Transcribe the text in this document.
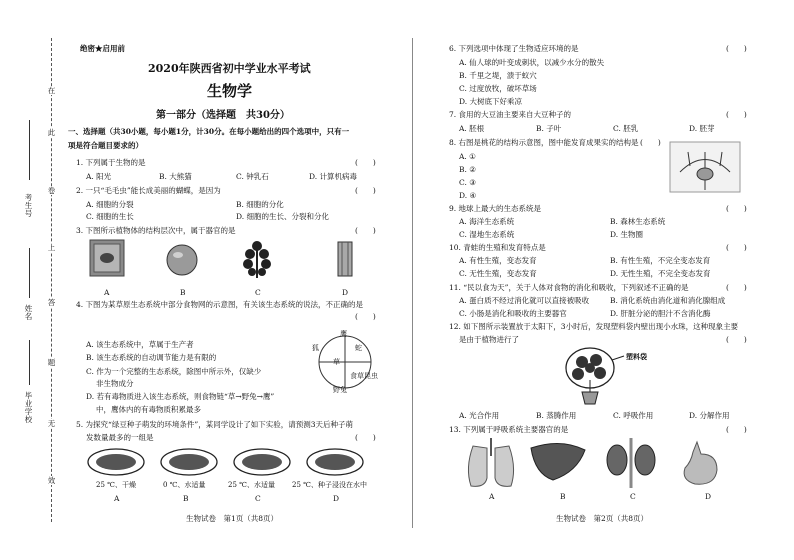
在
此
卷
上
答
题
无
效
考生号
姓名
毕业学校
绝密★启用前
2020年陕西省初中学业水平考试
生物学
第一部分（选择题　共30分）
一、选择题（共30小题，每小题1分，计30分。在每小题给出的四个选项中，只有一
项是符合题目要求的）
1. 下列属于生物的是	(　　)
A. 阳光	B. 大熊猫	C. 钟乳石	D. 计算机病毒
2. 一只“毛毛虫”能长成美丽的蝴蝶，是因为	(　　)
A. 细胞的分裂	B. 细胞的分化
C. 细胞的生长	D. 细胞的生长、分裂和分化
3. 下图所示植物体的结构层次中，属于器官的是	(　　)
A	B	C	D
4. 下图为某草原生态系统中部分食物网的示意图，有关该生态系统的说法，不正确的是
(　　)
A. 该生态系统中，草属于生产者
B. 该生态系统的自动调节能力是有限的
C. 作为一个完整的生态系统，除图中所示外，仅缺少
非生物成分
D. 若有毒物质进入该生态系统，则食物链“草→野兔→鹰”
中，鹰体内的有毒物质积累最多
鹰
蛇
狐
草
野兔
食草昆虫
5. 为探究“绿豆种子萌发的环境条件”，某同学设计了如下实验，请预测3天后种子萌
发数量最多的一组是	(　　)
25 ℃、干燥	0 ℃、水适量	25 ℃、水适量 25 ℃、种子浸没在水中
A	B	C	D
生物试卷　第1页（共8页）
6. 下列选项中体现了生物适应环境的是	(　　)
A. 仙人球的叶变成刺状，以减少水分的散失
B. 千里之堤，溃于蚁穴
C. 过度放牧，破坏草场
D. 大树底下好乘凉
7. 食用的大豆油主要来自大豆种子的	(　　)
A. 胚根	B. 子叶	C. 胚乳	D. 胚芽
8. 右图是桃花的结构示意图，图中能发育成果实的结构是 (　　)
A. ①
B. ②
C. ③
D. ④
9. 地球上最大的生态系统是	(　　)
A. 海洋生态系统	B. 森林生态系统
C. 湿地生态系统	D. 生物圈
10. 青蛙的生殖和发育特点是	(　　)
A. 有性生殖，变态发育	B. 有性生殖，不完全变态发育
C. 无性生殖，变态发育	D. 无性生殖，不完全变态发育
11. “民以食为天”，关于人体对食物的消化和吸收，下列叙述不正确的是	(　　)
A. 蛋白质不经过消化就可以直接被吸收	B. 消化系统由消化道和消化腺组成
C. 小肠是消化和吸收的主要器官	D. 肝脏分泌的胆汁不含消化酶
12. 如下图所示装置放于太阳下，3小时后，发现塑料袋内壁出现小水珠，这种现象主要
是由于植物进行了	(　　)
塑料袋
A. 光合作用	B. 蒸腾作用	C. 呼吸作用	D. 分解作用
13. 下列属于呼吸系统主要器官的是	(　　)
A	B	C	D
生物试卷　第2页（共8页）
